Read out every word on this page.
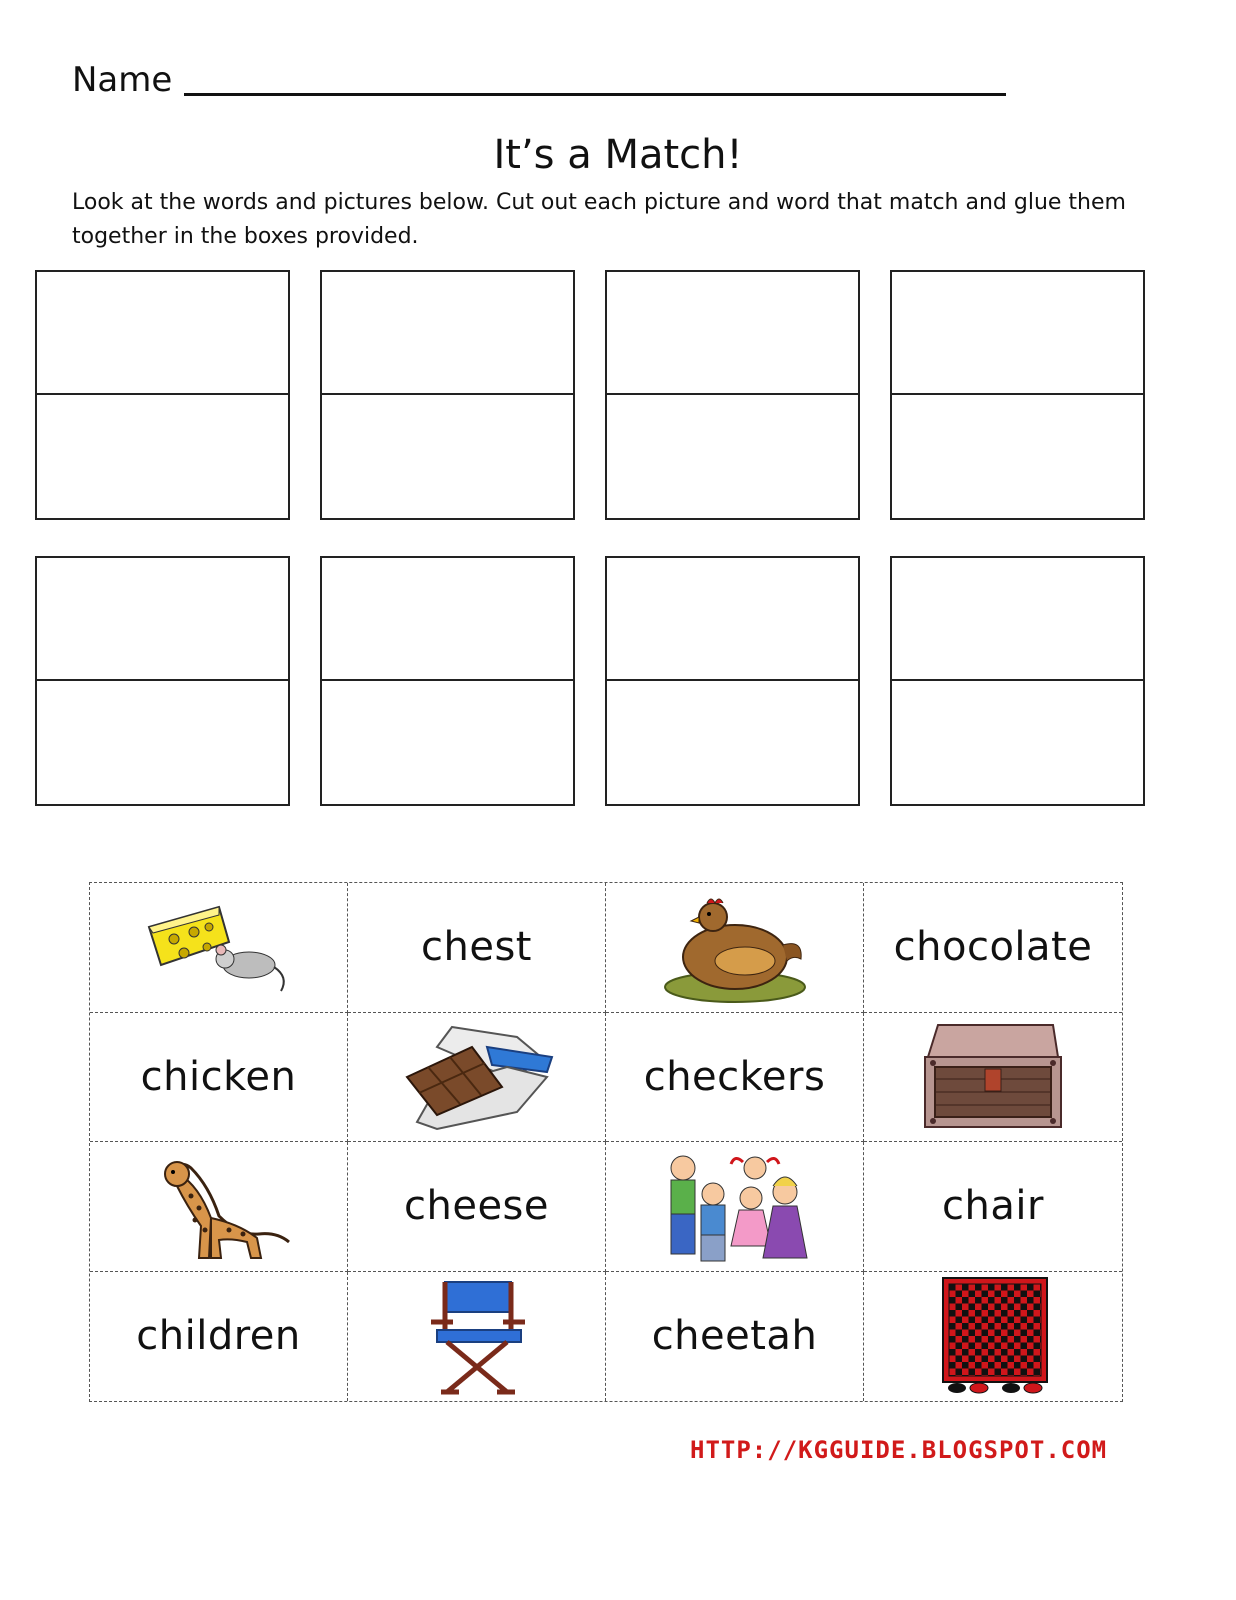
Name
It’s a Match!
Look at the words and pictures below. Cut out each picture and word that match and glue them together in the boxes provided.
chest	chocolate
chicken	checkers
cheese	chair
children	cheetah
HTTP://KGGUIDE.BLOGSPOT.COM
